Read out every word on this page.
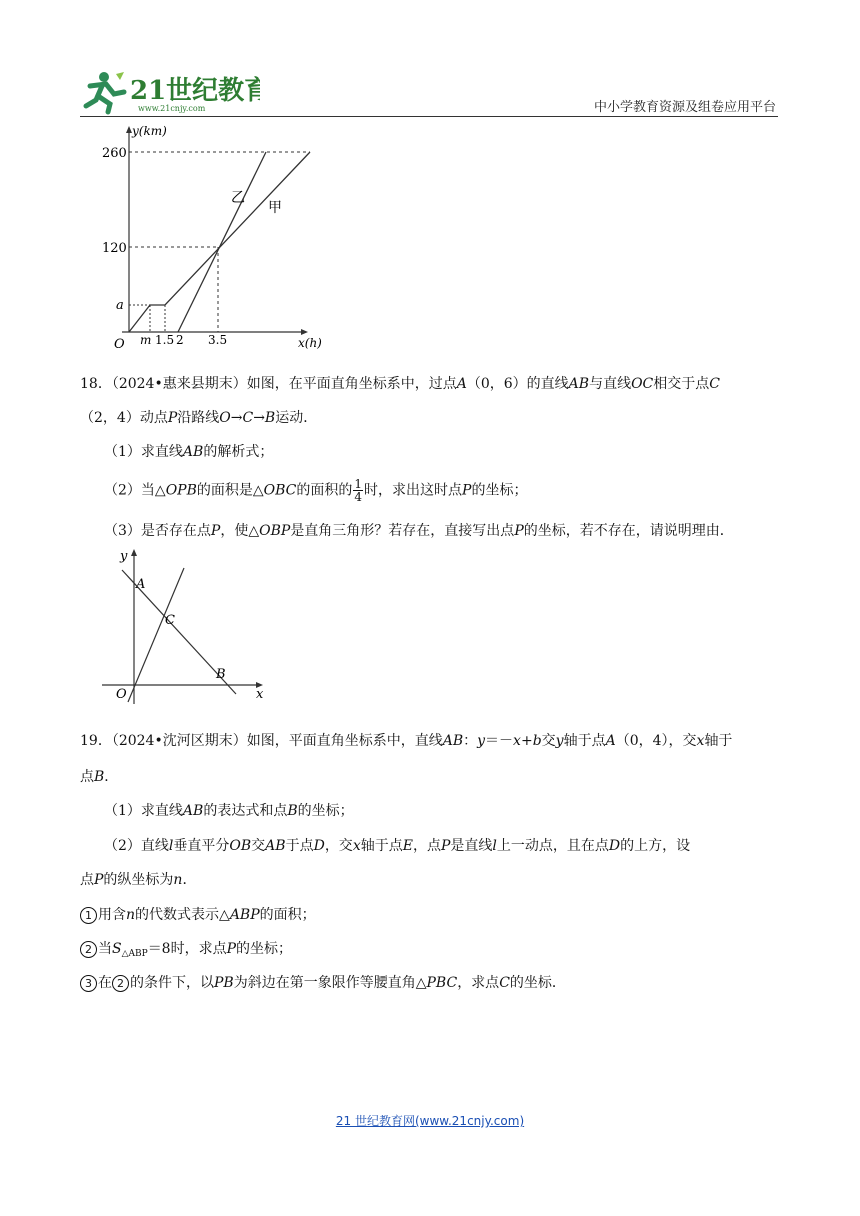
21世纪教育
www.21cnjy.com	中小学教育资源及组卷应用平台
y(km)
x(h)
260
120
a
m 1.5 2 3.5
O
乙
甲
18．（2024•惠来县期末）如图，在平面直角坐标系中，过点A（0，6）的直线AB与直线OC相交于点C
（2，4）动点P沿路线O→C→B运动．
（1）求直线AB的解析式；
（2）当△OPB的面积是△OBC的面积的 $\frac{1}{4}$ 时，求出这时点P的坐标；
（3）是否存在点P，使△OBP是直角三角形？若存在，直接写出点P的坐标，若不存在，请说明理由．
y
A
C
B
O	x
19．（2024•沈河区期末）如图，平面直角坐标系中，直线AB：y＝－x+b交y轴于点A（0，4），交x轴于
点B．
（1）求直线AB的表达式和点B的坐标；
（2）直线l垂直平分OB交AB于点D，交x轴于点E，点P是直线l上一动点，且在点D的上方，设
点P的纵坐标为n．
1 用含n的代数式表示△ABP的面积；
2 当$S_{\triangle ABP}=8$时，求点P的坐标；
3 在 2 的条件下，以PB为斜边在第一象限作等腰直角△PBC，求点C的坐标．
21 世纪教育网(www.21cnjy.com)
